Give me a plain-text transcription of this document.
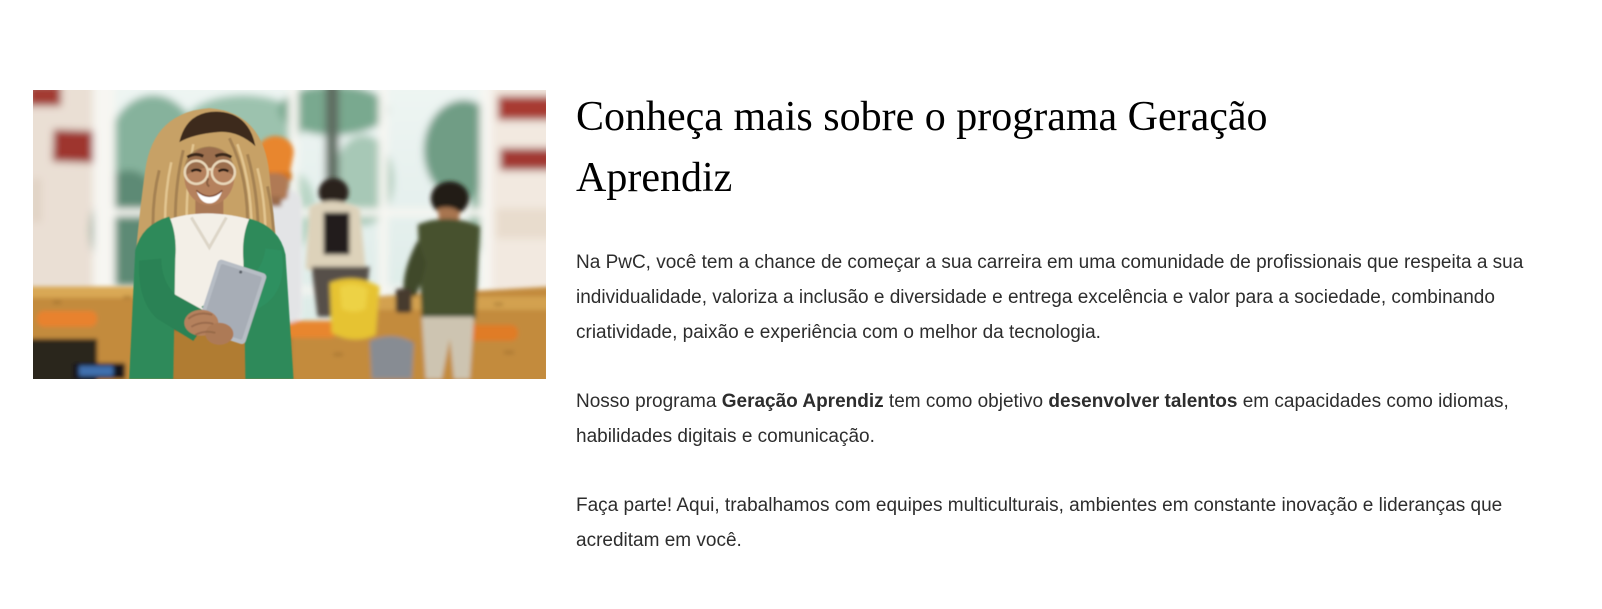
Conheça mais sobre o programa Geração
Aprendiz

Na PwC, você tem a chance de começar a sua carreira em uma comunidade de profissionais que respeita a sua individualidade, valoriza a inclusão e diversidade e entrega excelência e valor para a sociedade, combinando criatividade, paixão e experiência com o melhor da tecnologia.

Nosso programa Geração Aprendiz tem como objetivo desenvolver talentos em capacidades como idiomas, habilidades digitais e comunicação.

Faça parte! Aqui, trabalhamos com equipes multiculturais, ambientes em constante inovação e lideranças que acreditam em você.
